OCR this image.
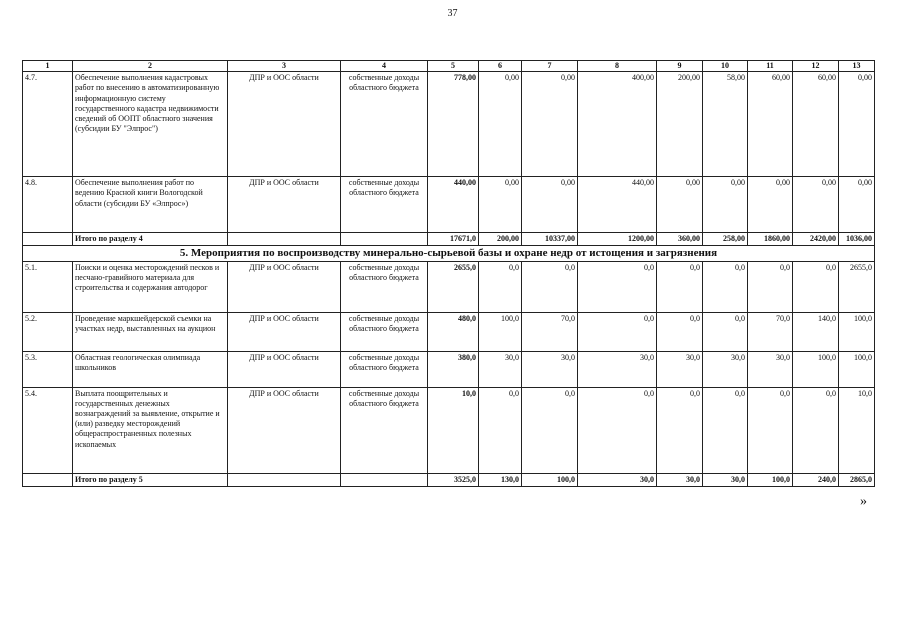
37
1	2	3	4	5	6	7	8	9	10	11	12	13
4.7.	Обеспечение выполнения кадастровых работ по внесению в автоматизированную информационную систему государственного кадастра недвижимости сведений об ООПТ областного значения (субсидии БУ "Элпрос")	ДПР и ООС области	собственные доходы областного бюджета	778,00	0,00	0,00	400,00	200,00	58,00	60,00	60,00	0,00
4.8.	Обеспечение выполнения работ по ведению Красной книги Вологодской области (субсидии БУ «Элпрос»)	ДПР и ООС области	собственные доходы областного бюджета	440,00	0,00	0,00	440,00	0,00	0,00	0,00	0,00	0,00
	Итого по разделу 4			17671,0	200,00	10337,00	1200,00	360,00	258,00	1860,00	2420,00	1036,00
5. Мероприятия по воспроизводству минерально-сырьевой базы и охране недр от истощения и загрязнения												
5.1.	Поиски и оценка месторождений песков и песчано-гравийного материала для строительства и содержания автодорог	ДПР и ООС области	собственные доходы областного бюджета	2655,0	0,0	0,0	0,0	0,0	0,0	0,0	0,0	2655,0
5.2.	Проведение маркшейдерской съемки на участках недр, выставленных на аукцион	ДПР и ООС области	собственные доходы областного бюджета	480,0	100,0	70,0	0,0	0,0	0,0	70,0	140,0	100,0
5.3.	Областная геологическая олимпиада школьников	ДПР и ООС области	собственные доходы областного бюджета	380,0	30,0	30,0	30,0	30,0	30,0	30,0	100,0	100,0
5.4.	Выплата поощрительных и государственных денежных вознаграждений за выявление, открытие и (или) разведку месторождений общераспространенных полезных ископаемых	ДПР и ООС области	собственные доходы областного бюджета	10,0	0,0	0,0	0,0	0,0	0,0	0,0	0,0	10,0
	Итого по разделу 5			3525,0	130,0	100,0	30,0	30,0	30,0	100,0	240,0	2865,0
»
